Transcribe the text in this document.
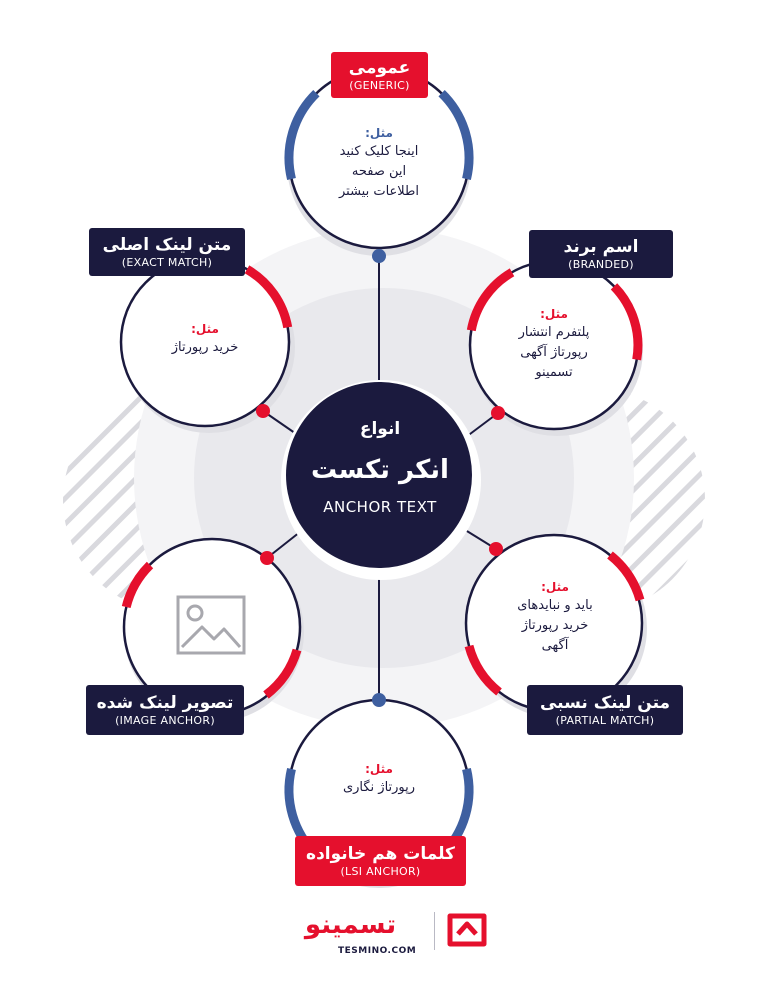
انواع
انکر تکست
ANCHOR TEXT
عمومی
(GENERIC)
اسم برند
(BRANDED)
متن لینک اصلی
(EXACT MATCH)
متن لینک نسبی
(PARTIAL MATCH)
تصویر لینک شده
(IMAGE ANCHOR)
کلمات هم خانواده
(LSI ANCHOR)
مثل:
اینجا کلیک کنید
این صفحه
اطلاعات بیشتر
مثل:
پلتفرم انتشار
رپورتاژ آگهی
تسمینو
مثل:
خرید رپورتاژ
مثل:
باید و نبایدهای
خرید رپورتاژ
آگهی
مثل:
رپورتاژ نگاری
تسمینو
TESMINO.COM
